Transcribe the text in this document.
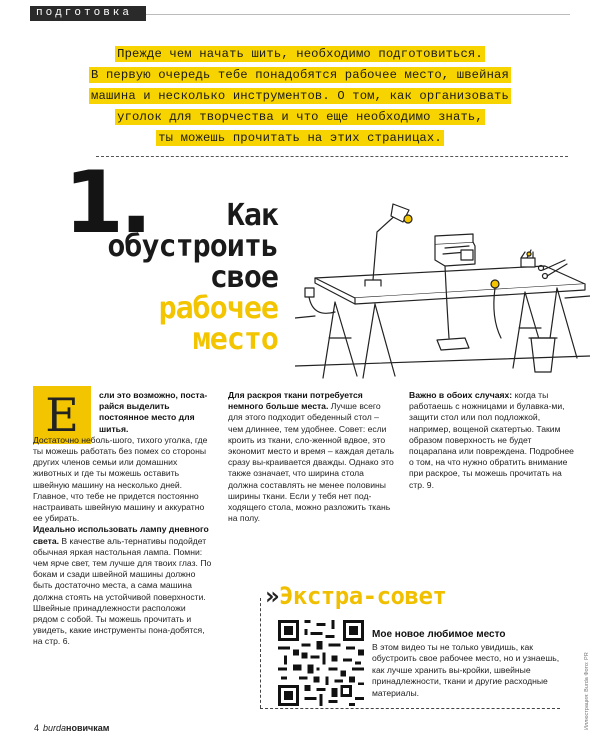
подготовка
Прежде чем начать шить, необходимо подготовиться.
В первую очередь тебе понадобятся рабочее место, швейная
машина и несколько инструментов. О том, как организовать
уголок для творчества и что еще необходимо знать,
ты можешь прочитать на этих страницах.
1.	Как
обустроить
свое
рабочее
место
Е	сли это возможно, поста-райся выделить постоянное место для шитья.

Достаточно неболь-шого, тихого уголка, где ты можешь работать без помех со стороны других членов семьи или домашних животных и где ты можешь оставить швейную машину на несколько дней. Главное, что тебе не придется постоянно настраивать швейную машину и аккуратно ее убирать.

Идеально использовать лампу дневного света. В качестве аль-тернативы подойдет обычная яркая настольная лампа. Помни: чем ярче свет, тем лучше для твоих глаз. По бокам и сзади швейной машины должно быть достаточно места, а сама машина должна стоять на устойчивой поверхности. Швейные принадлежности расположи рядом с собой. Ты можешь прочитать и увидеть, какие инструменты пона-добятся, на стр. 6.

Для раскроя ткани потребуется немного больше места. Лучше всего для этого подходит обеденный стол – чем длиннее, тем удобнее. Совет: если кроить из ткани, сло-женной вдвое, это экономит место и время – каждая деталь сразу вы-краивается дважды. Однако это также означает, что ширина стола должна составлять не менее половины ширины ткани. Если у тебя нет под-ходящего стола, можно разложить ткань на полу.

Важно в обоих случаях: когда ты работаешь с ножницами и булавка-ми, защити стол или пол подложкой, например, вощеной скатертью. Таким образом поверхность не будет поцарапана или повреждена. Подробнее о том, на что нужно обратить внимание при раскрое, ты можешь прочитать на стр. 9.

»Экстра-совет
Мое новое любимое место
В этом видео ты не только увидишь, как обустроить свое рабочее место, но и узнаешь, как лучше хранить вы-кройки, швейные принадлежности, ткани и другие расходные материалы.
4 burdaновичкам	Иллюстрация: Burda Фото: PR
